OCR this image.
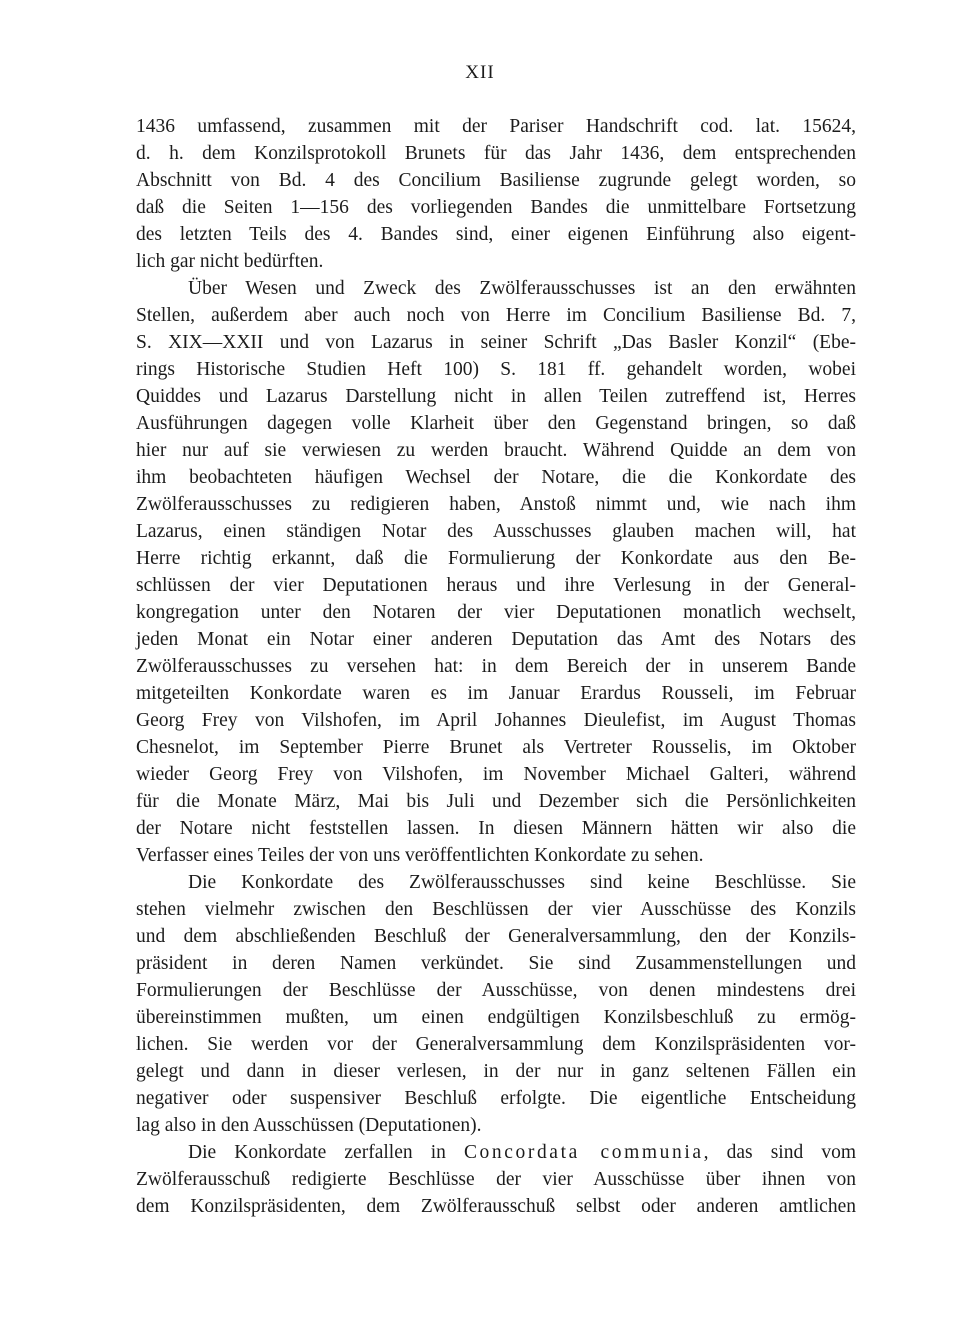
XII
1436 umfassend, zusammen mit der Pariser Handschrift cod. lat. 15624,
d. h. dem Konzilsprotokoll Brunets für das Jahr 1436, dem entsprechenden
Abschnitt von Bd. 4 des Concilium Basiliense zugrunde gelegt worden, so
daß die Seiten 1—156 des vorliegenden Bandes die unmittelbare Fortsetzung
des letzten Teils des 4. Bandes sind, einer eigenen Einführung also eigent-
lich gar nicht bedürften.
Über Wesen und Zweck des Zwölferausschusses ist an den erwähnten
Stellen, außerdem aber auch noch von Herre im Concilium Basiliense Bd. 7,
S. XIX—XXII und von Lazarus in seiner Schrift „Das Basler Konzil“ (Ebe-
rings Historische Studien Heft 100) S. 181 ff. gehandelt worden, wobei
Quiddes und Lazarus Darstellung nicht in allen Teilen zutreffend ist, Herres
Ausführungen dagegen volle Klarheit über den Gegenstand bringen, so daß
hier nur auf sie verwiesen zu werden braucht. Während Quidde an dem von
ihm beobachteten häufigen Wechsel der Notare, die die Konkordate des
Zwölferausschusses zu redigieren haben, Anstoß nimmt und, wie nach ihm
Lazarus, einen ständigen Notar des Ausschusses glauben machen will, hat
Herre richtig erkannt, daß die Formulierung der Konkordate aus den Be-
schlüssen der vier Deputationen heraus und ihre Verlesung in der General-
kongregation unter den Notaren der vier Deputationen monatlich wechselt,
jeden Monat ein Notar einer anderen Deputation das Amt des Notars des
Zwölferausschusses zu versehen hat: in dem Bereich der in unserem Bande
mitgeteilten Konkordate waren es im Januar Erardus Rousseli, im Februar
Georg Frey von Vilshofen, im April Johannes Dieulefist, im August Thomas
Chesnelot, im September Pierre Brunet als Vertreter Rousselis, im Oktober
wieder Georg Frey von Vilshofen, im November Michael Galteri, während
für die Monate März, Mai bis Juli und Dezember sich die Persönlichkeiten
der Notare nicht feststellen lassen. In diesen Männern hätten wir also die
Verfasser eines Teiles der von uns veröffentlichten Konkordate zu sehen.
Die Konkordate des Zwölferausschusses sind keine Beschlüsse. Sie
stehen vielmehr zwischen den Beschlüssen der vier Ausschüsse des Konzils
und dem abschließenden Beschluß der Generalversammlung, den der Konzils-
präsident in deren Namen verkündet. Sie sind Zusammenstellungen und
Formulierungen der Beschlüsse der Ausschüsse, von denen mindestens drei
übereinstimmen mußten, um einen endgültigen Konzilsbeschluß zu ermög-
lichen. Sie werden vor der Generalversammlung dem Konzilspräsidenten vor-
gelegt und dann in dieser verlesen, in der nur in ganz seltenen Fällen ein
negativer oder suspensiver Beschluß erfolgte. Die eigentliche Entscheidung
lag also in den Ausschüssen (Deputationen).
Die Konkordate zerfallen in Concordata communia, das sind vom
Zwölferausschuß redigierte Beschlüsse der vier Ausschüsse über ihnen von
dem Konzilspräsidenten, dem Zwölferausschuß selbst oder anderen amtlichen
